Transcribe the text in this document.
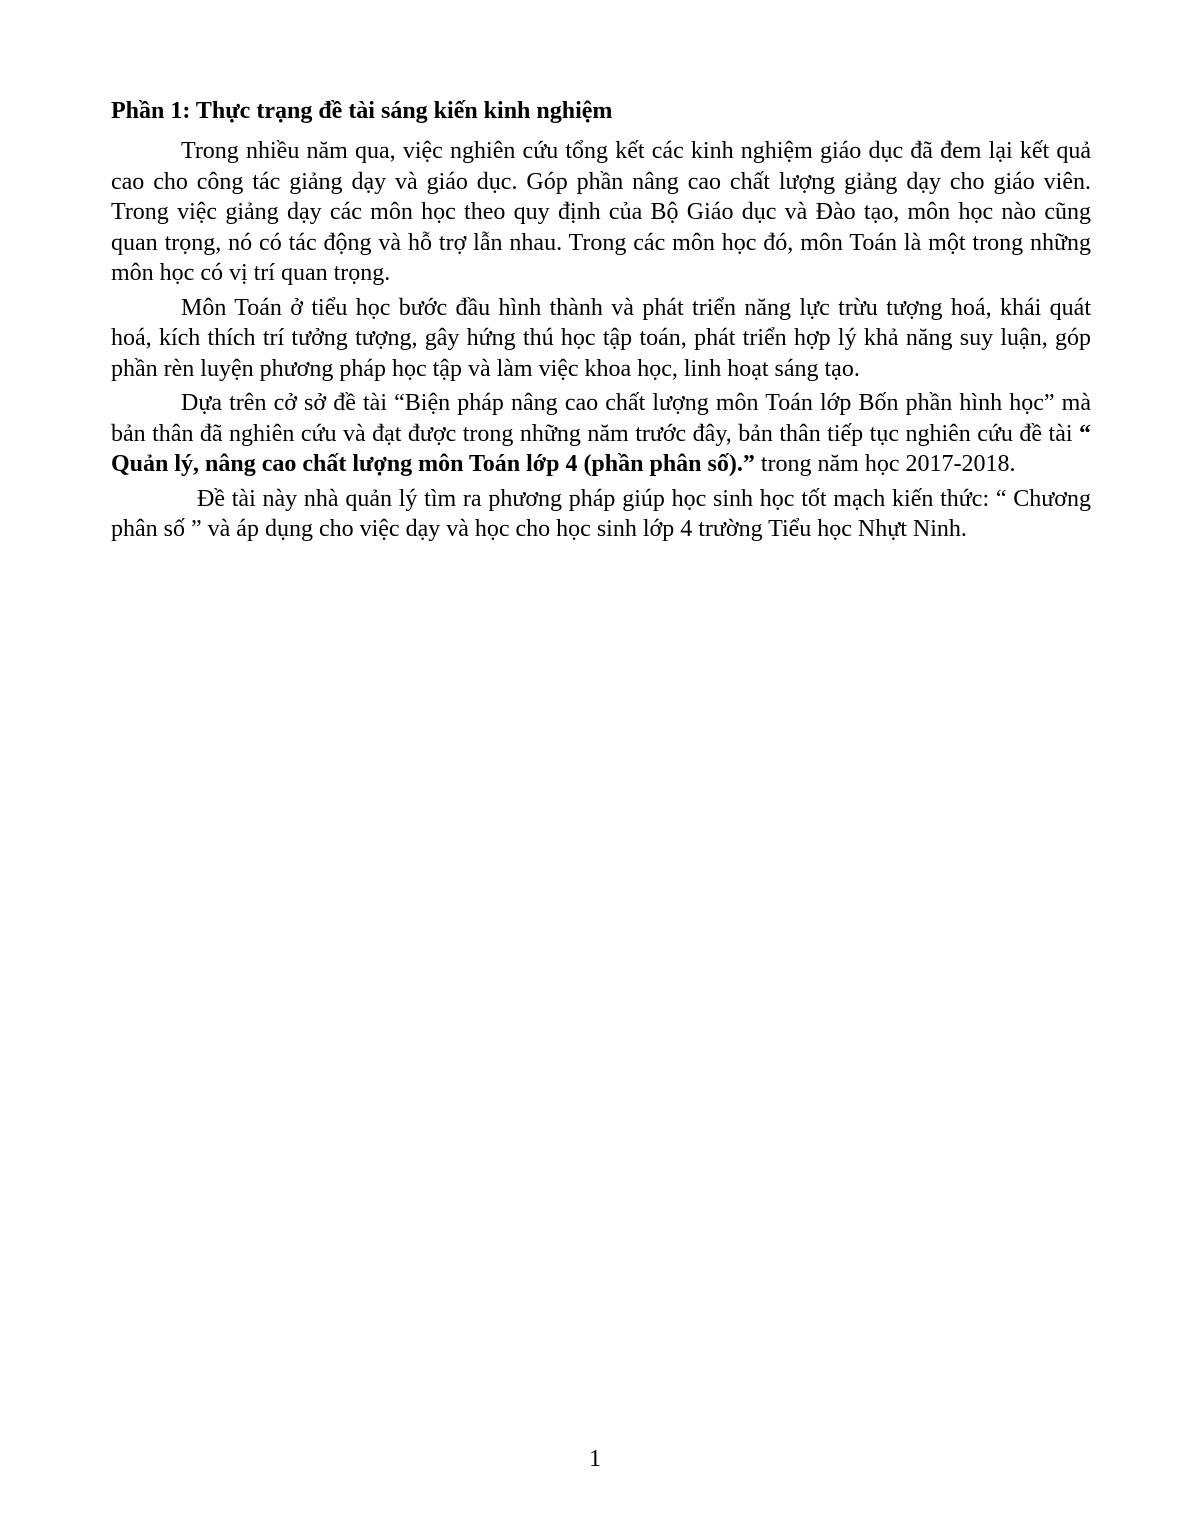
Phần 1: Thực trạng đề tài sáng kiến kinh nghiệm

Trong nhiều năm qua, việc nghiên cứu tổng kết các kinh nghiệm giáo dục đã đem lại kết quả cao cho công tác giảng dạy và giáo dục. Góp phần nâng cao chất lượng giảng dạy cho giáo viên. Trong việc giảng dạy các môn học theo quy định của Bộ Giáo dục và Đào tạo, môn học nào cũng quan trọng, nó có tác động và hỗ trợ lẫn nhau. Trong các môn học đó, môn Toán là một trong những môn học có vị trí quan trọng.

Môn Toán ở tiểu học bước đầu hình thành và phát triển năng lực trừu tượng hoá, khái quát hoá, kích thích trí tưởng tượng, gây hứng thú học tập toán, phát triển hợp lý khả năng suy luận, góp phần rèn luyện phương pháp học tập và làm việc khoa học, linh hoạt sáng tạo.

Dựa trên cở sở đề tài “Biện pháp nâng cao chất lượng môn Toán lớp Bốn phần hình học” mà bản thân đã nghiên cứu và đạt được trong những năm trước đây, bản thân tiếp tục nghiên cứu đề tài “ Quản lý, nâng cao chất lượng môn Toán lớp 4 (phần phân số).” trong năm học 2017-2018.

Đề tài này nhà quản lý tìm ra phương pháp giúp học sinh học tốt mạch kiến thức: “ Chương phân số ” và áp dụng cho việc dạy và học cho học sinh lớp 4 trường Tiểu học Nhựt Ninh.

1
